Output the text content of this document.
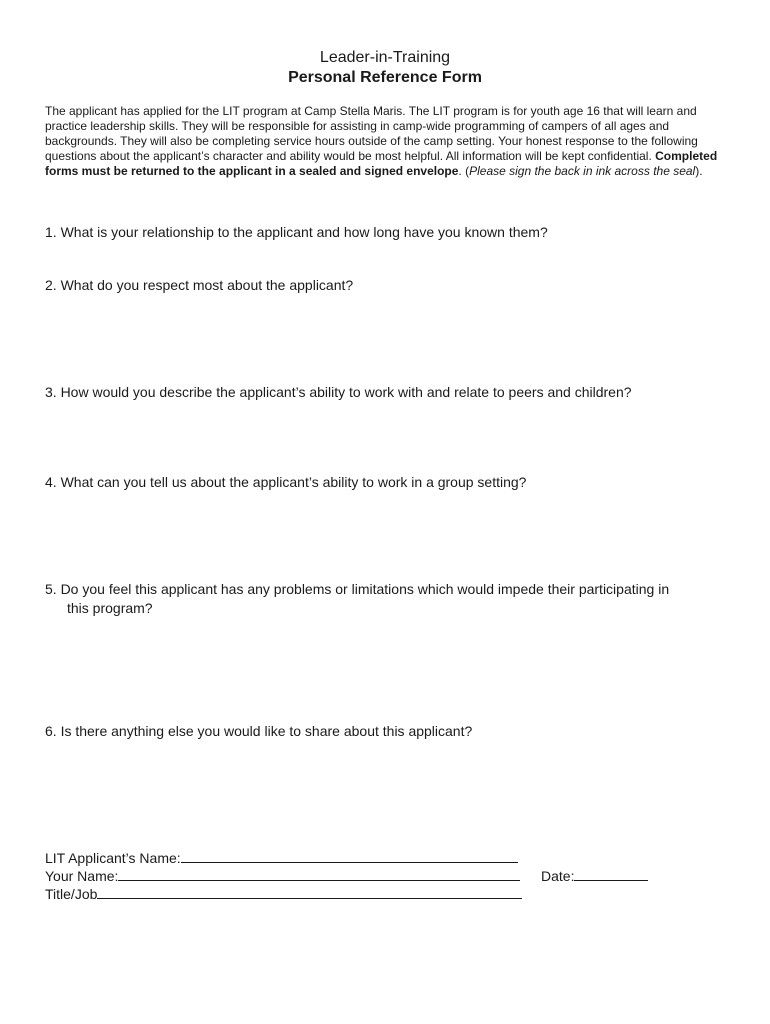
Leader-in-Training
Personal Reference Form
The applicant has applied for the LIT program at Camp Stella Maris. The LIT program is for youth age 16 that will learn and practice leadership skills. They will be responsible for assisting in camp-wide programming of campers of all ages and backgrounds. They will also be completing service hours outside of the camp setting. Your honest response to the following questions about the applicant’s character and ability would be most helpful. All information will be kept confidential. Completed forms must be returned to the applicant in a sealed and signed envelope. (Please sign the back in ink across the seal).
1. What is your relationship to the applicant and how long have you known them?
2. What do you respect most about the applicant?
3. How would you describe the applicant’s ability to work with and relate to peers and children?
4. What can you tell us about the applicant’s ability to work in a group setting?
5. Do you feel this applicant has any problems or limitations which would impede their participating in
this program?
6. Is there anything else you would like to share about this applicant?
LIT Applicant’s Name:
Your Name:	Date:
Title/Job
